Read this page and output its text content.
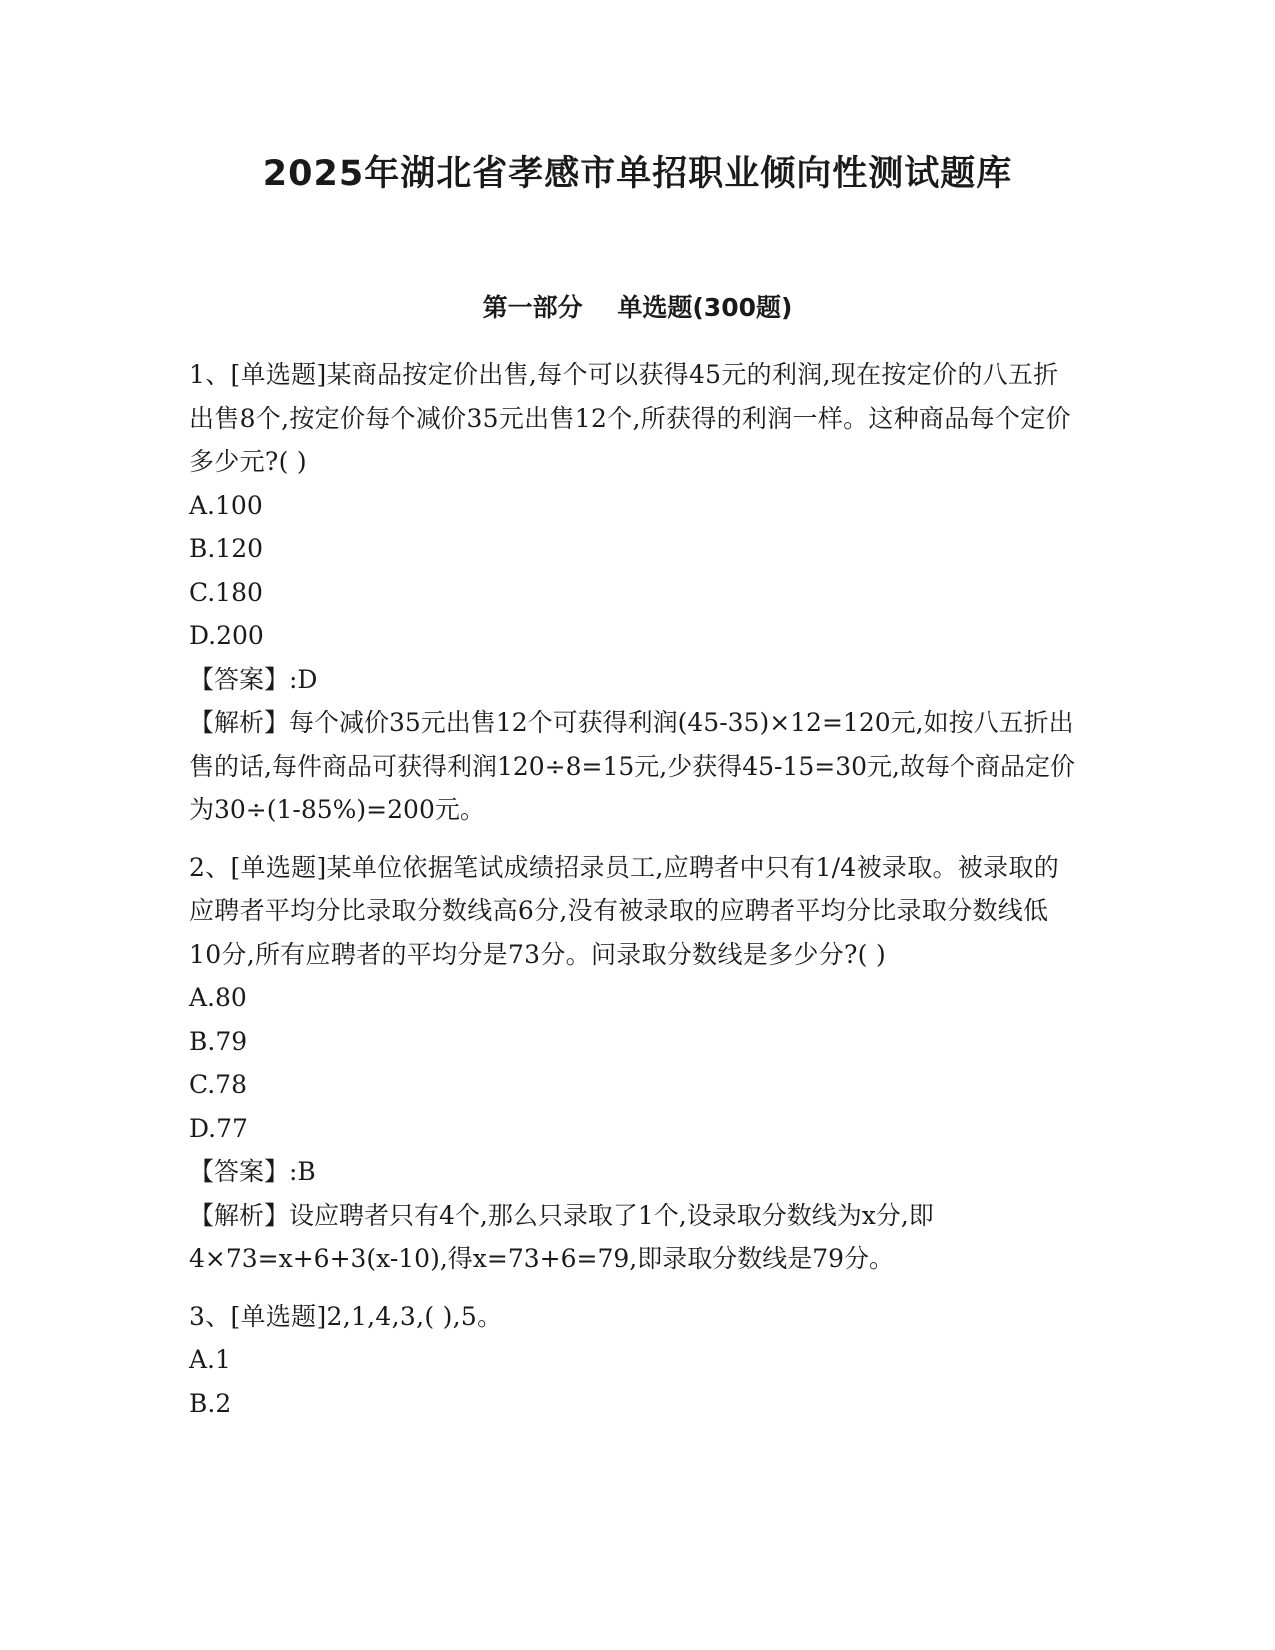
2025年湖北省孝感市单招职业倾向性测试题库
第一部分    单选题(300题)

1、[单选题]某商品按定价出售,每个可以获得45元的利润,现在按定价的八五折出售8个,按定价每个减价35元出售12个,所获得的利润一样。这种商品每个定价多少元?( )

A.100

B.120

C.180

D.200

【答案】:D

【解析】每个减价35元出售12个可获得利润(45-35)×12=120元,如按八五折出售的话,每件商品可获得利润120÷8=15元,少获得45-15=30元,故每个商品定价为30÷(1-85%)=200元。

2、[单选题]某单位依据笔试成绩招录员工,应聘者中只有1/4被录取。被录取的应聘者平均分比录取分数线高6分,没有被录取的应聘者平均分比录取分数线低10分,所有应聘者的平均分是73分。问录取分数线是多少分?( )

A.80

B.79

C.78

D.77

【答案】:B

【解析】设应聘者只有4个,那么只录取了1个,设录取分数线为x分,即4×73=x+6+3(x-10),得x=73+6=79,即录取分数线是79分。

3、[单选题]2,1,4,3,( ),5。

A.1

B.2
